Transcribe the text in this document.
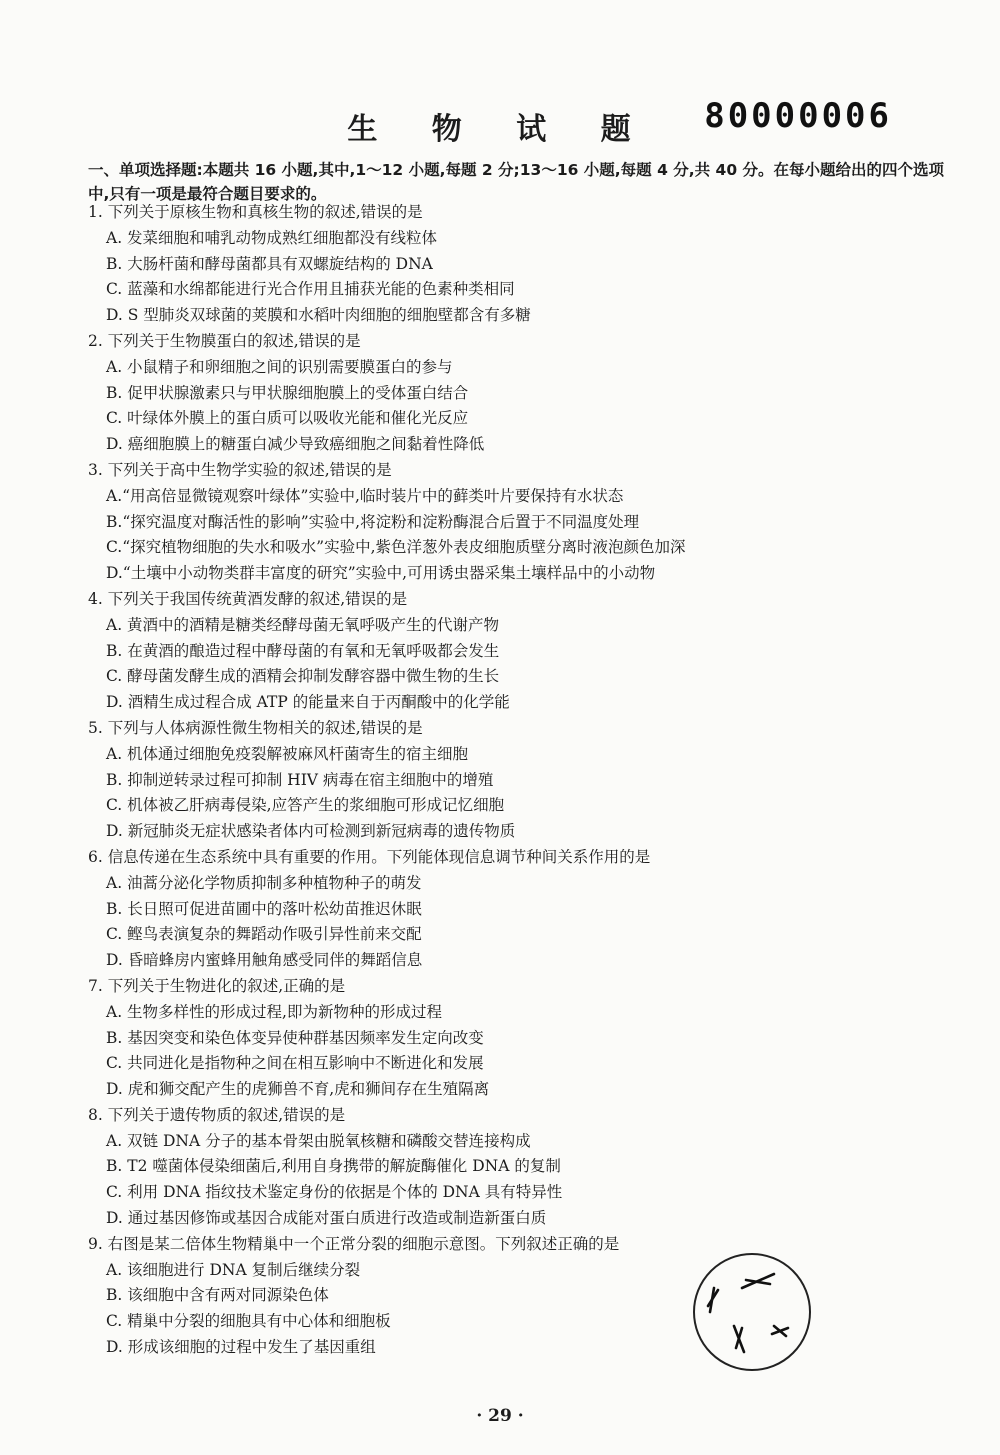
80000006
生 物 试 题
一、单项选择题:本题共 16 小题,其中,1～12 小题,每题 2 分;13～16 小题,每题 4 分,共 40 分。在每小题给出的四个选项中,只有一项是最符合题目要求的。
1. 下列关于原核生物和真核生物的叙述,错误的是
A. 发菜细胞和哺乳动物成熟红细胞都没有线粒体
B. 大肠杆菌和酵母菌都具有双螺旋结构的 DNA
C. 蓝藻和水绵都能进行光合作用且捕获光能的色素种类相同
D. S 型肺炎双球菌的荚膜和水稻叶肉细胞的细胞壁都含有多糖
2. 下列关于生物膜蛋白的叙述,错误的是
A. 小鼠精子和卵细胞之间的识别需要膜蛋白的参与
B. 促甲状腺激素只与甲状腺细胞膜上的受体蛋白结合
C. 叶绿体外膜上的蛋白质可以吸收光能和催化光反应
D. 癌细胞膜上的糖蛋白减少导致癌细胞之间黏着性降低
3. 下列关于高中生物学实验的叙述,错误的是
A.“用高倍显微镜观察叶绿体”实验中,临时装片中的藓类叶片要保持有水状态
B.“探究温度对酶活性的影响”实验中,将淀粉和淀粉酶混合后置于不同温度处理
C.“探究植物细胞的失水和吸水”实验中,紫色洋葱外表皮细胞质壁分离时液泡颜色加深
D.“土壤中小动物类群丰富度的研究”实验中,可用诱虫器采集土壤样品中的小动物
4. 下列关于我国传统黄酒发酵的叙述,错误的是
A. 黄酒中的酒精是糖类经酵母菌无氧呼吸产生的代谢产物
B. 在黄酒的酿造过程中酵母菌的有氧和无氧呼吸都会发生
C. 酵母菌发酵生成的酒精会抑制发酵容器中微生物的生长
D. 酒精生成过程合成 ATP 的能量来自于丙酮酸中的化学能
5. 下列与人体病源性微生物相关的叙述,错误的是
A. 机体通过细胞免疫裂解被麻风杆菌寄生的宿主细胞
B. 抑制逆转录过程可抑制 HIV 病毒在宿主细胞中的增殖
C. 机体被乙肝病毒侵染,应答产生的浆细胞可形成记忆细胞
D. 新冠肺炎无症状感染者体内可检测到新冠病毒的遗传物质
6. 信息传递在生态系统中具有重要的作用。下列能体现信息调节种间关系作用的是
A. 油蒿分泌化学物质抑制多种植物种子的萌发
B. 长日照可促进苗圃中的落叶松幼苗推迟休眠
C. 鲣鸟表演复杂的舞蹈动作吸引异性前来交配
D. 昏暗蜂房内蜜蜂用触角感受同伴的舞蹈信息
7. 下列关于生物进化的叙述,正确的是
A. 生物多样性的形成过程,即为新物种的形成过程
B. 基因突变和染色体变异使种群基因频率发生定向改变
C. 共同进化是指物种之间在相互影响中不断进化和发展
D. 虎和狮交配产生的虎狮兽不育,虎和狮间存在生殖隔离
8. 下列关于遗传物质的叙述,错误的是
A. 双链 DNA 分子的基本骨架由脱氧核糖和磷酸交替连接构成
B. T2 噬菌体侵染细菌后,利用自身携带的解旋酶催化 DNA 的复制
C. 利用 DNA 指纹技术鉴定身份的依据是个体的 DNA 具有特异性
D. 通过基因修饰或基因合成能对蛋白质进行改造或制造新蛋白质
9. 右图是某二倍体生物精巢中一个正常分裂的细胞示意图。下列叙述正确的是
A. 该细胞进行 DNA 复制后继续分裂
B. 该细胞中含有两对同源染色体
C. 精巢中分裂的细胞具有中心体和细胞板
D. 形成该细胞的过程中发生了基因重组
· 29 ·
